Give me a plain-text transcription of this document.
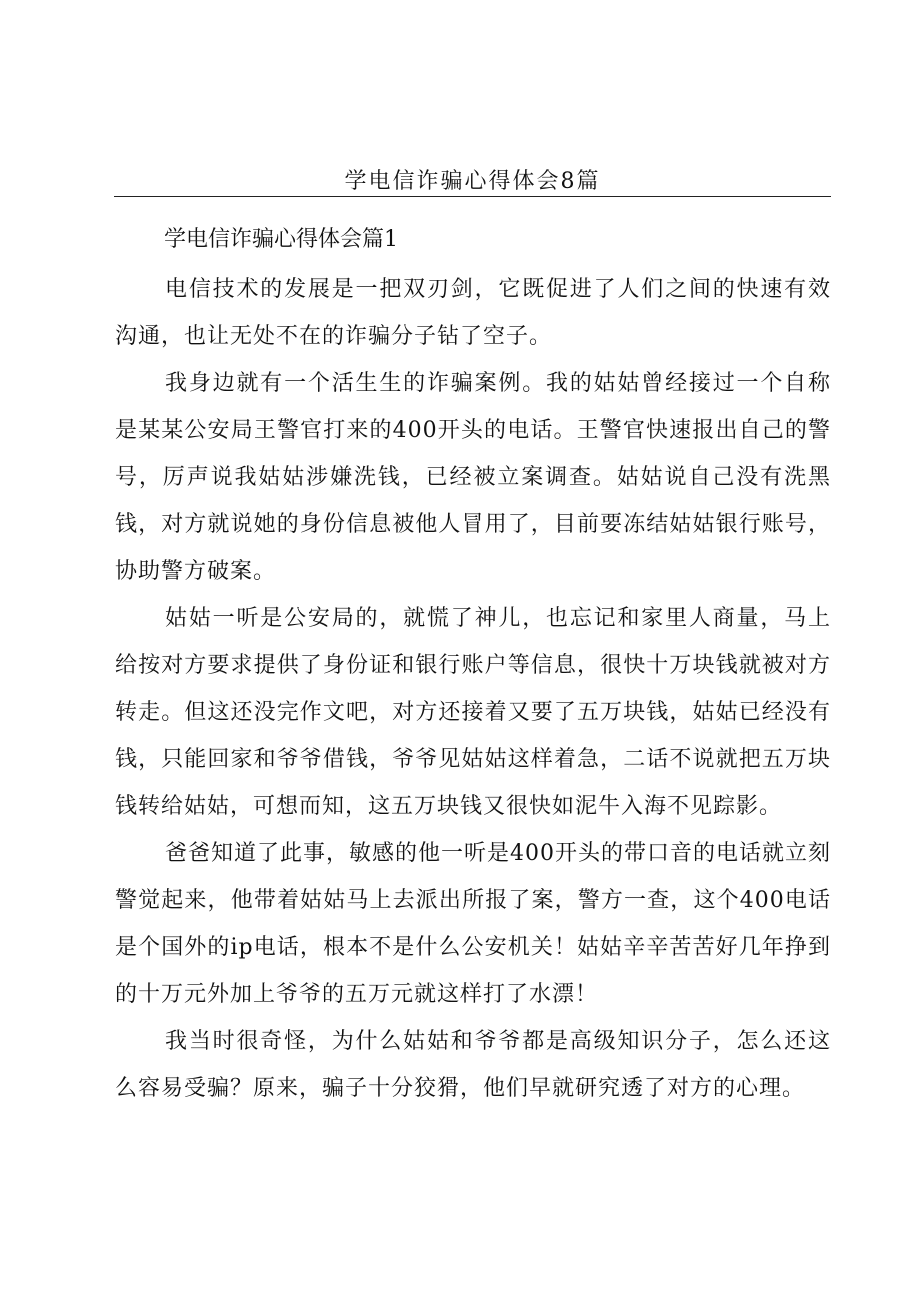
学电信诈骗心得体会8篇

学电信诈骗心得体会篇1

电信技术的发展是一把双刃剑，它既促进了人们之间的快速有效沟通，也让无处不在的诈骗分子钻了空子。

我身边就有一个活生生的诈骗案例。我的姑姑曾经接过一个自称是某某公安局王警官打来的400开头的电话。王警官快速报出自己的警号，厉声说我姑姑涉嫌洗钱，已经被立案调查。姑姑说自己没有洗黑钱，对方就说她的身份信息被他人冒用了，目前要冻结姑姑银行账号，协助警方破案。

姑姑一听是公安局的，就慌了神儿，也忘记和家里人商量，马上给按对方要求提供了身份证和银行账户等信息，很快十万块钱就被对方转走。但这还没完作文吧，对方还接着又要了五万块钱，姑姑已经没有钱，只能回家和爷爷借钱，爷爷见姑姑这样着急，二话不说就把五万块钱转给姑姑，可想而知，这五万块钱又很快如泥牛入海不见踪影。

爸爸知道了此事，敏感的他一听是400开头的带口音的电话就立刻警觉起来，他带着姑姑马上去派出所报了案，警方一查，这个400电话是个国外的ip电话，根本不是什么公安机关！姑姑辛辛苦苦好几年挣到的十万元外加上爷爷的五万元就这样打了水漂！

我当时很奇怪，为什么姑姑和爷爷都是高级知识分子，怎么还这么容易受骗？原来，骗子十分狡猾，他们早就研究透了对方的心理。
